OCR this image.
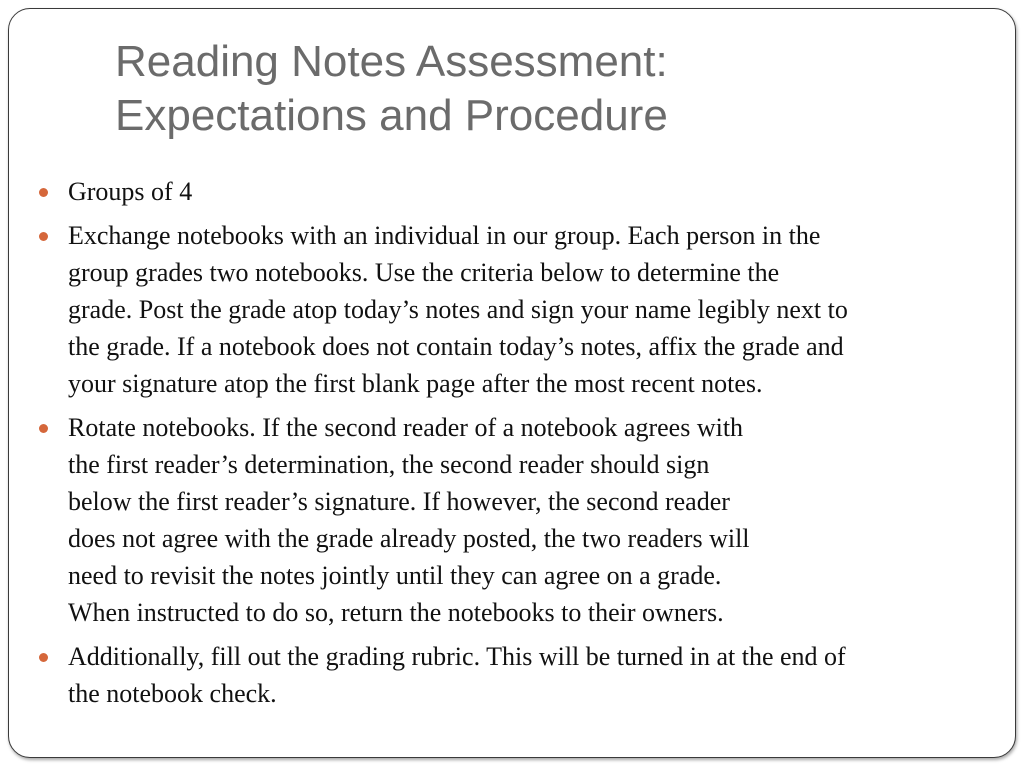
Reading Notes Assessment:
Expectations and Procedure
Groups of 4
Exchange notebooks with an individual in our group. Each person in the
group grades two notebooks. Use the criteria below to determine the
grade. Post the grade atop today’s notes and sign your name legibly next to
the grade. If a notebook does not contain today’s notes, affix the grade and
your signature atop the first blank page after the most recent notes.
Rotate notebooks. If the second reader of a notebook agrees with
the first reader’s determination, the second reader should sign
below the first reader’s signature. If however, the second reader
does not agree with the grade already posted, the two readers will
need to revisit the notes jointly until they can agree on a grade.
When instructed to do so, return the notebooks to their owners.
Additionally, fill out the grading rubric. This will be turned in at the end of
the notebook check.
